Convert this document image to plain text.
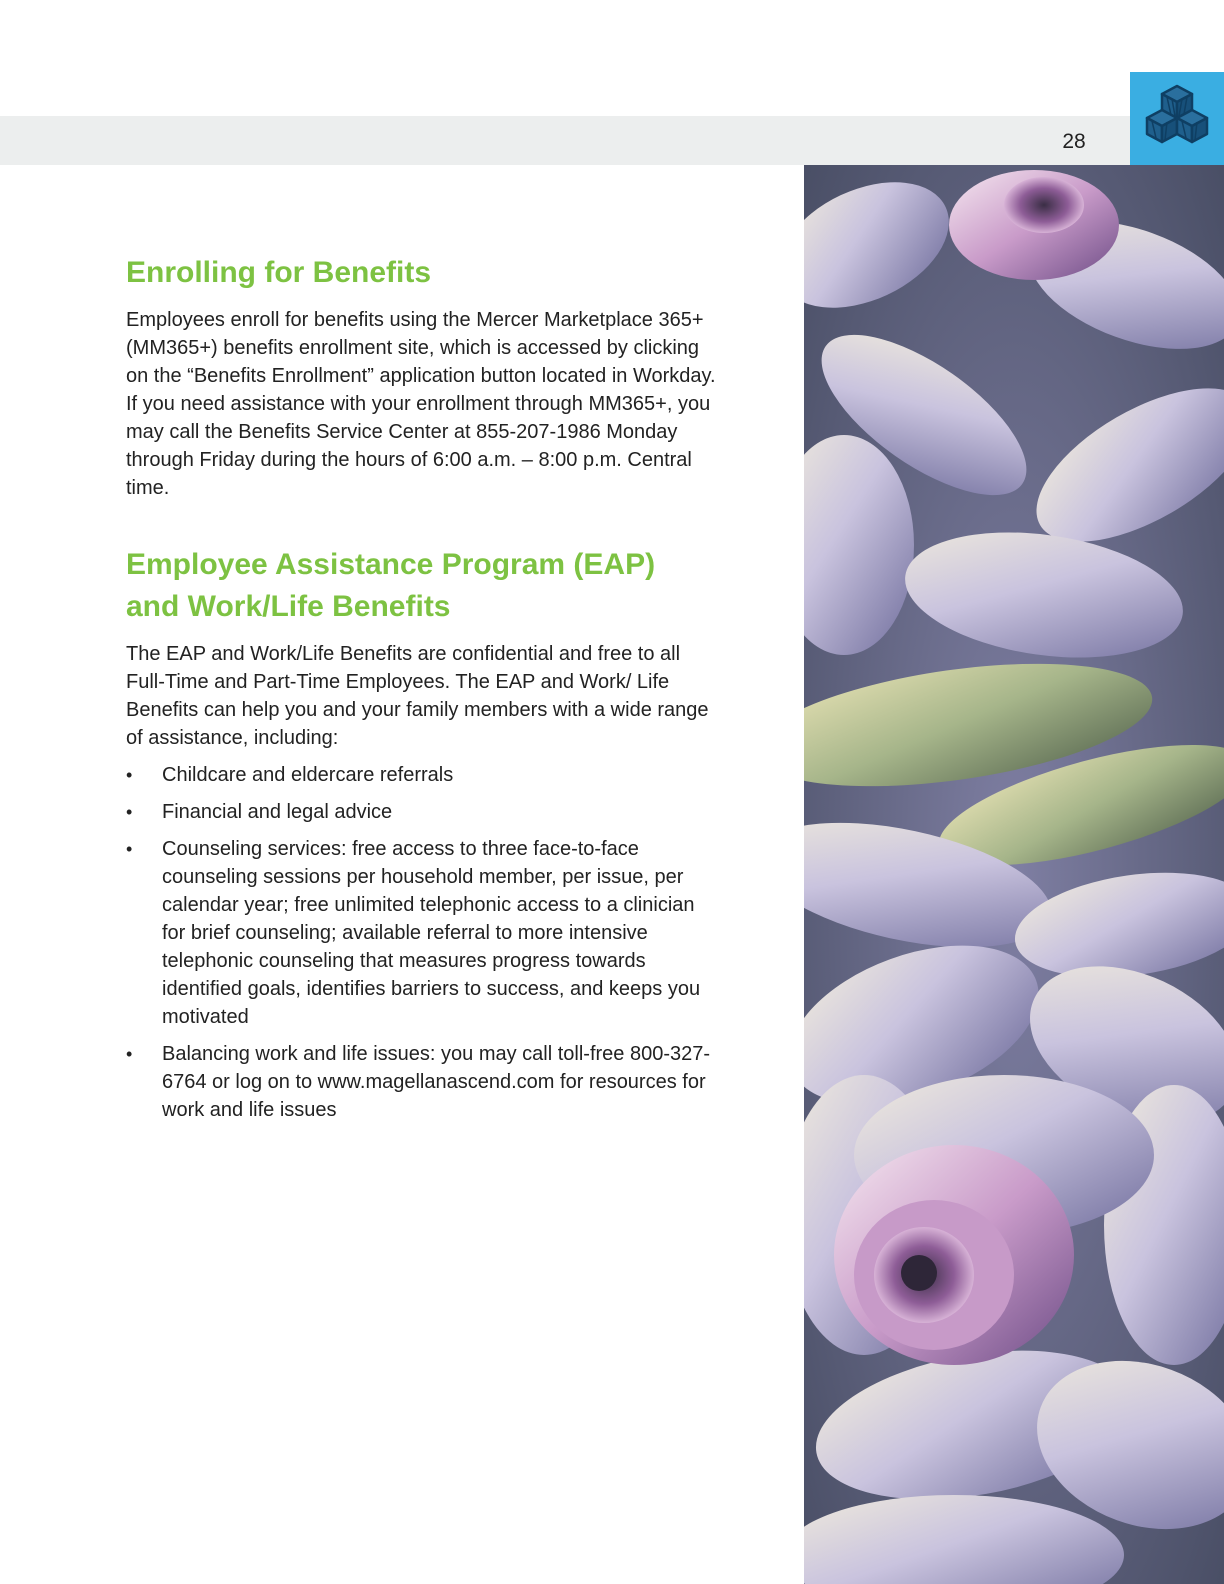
28
Enrolling for Benefits

Employees enroll for benefits using the Mercer Marketplace 365+ (MM365+) benefits enrollment site, which is accessed by clicking on the “Benefits Enrollment” application button located in Workday. If you need assistance with your enrollment through MM365+, you may call the Benefits Service Center at 855-207-1986 Monday through Friday during the hours of 6:00 a.m. – 8:00 p.m. Central time.

Employee Assistance Program (EAP) and Work/Life Benefits

The EAP and Work/Life Benefits are confidential and free to all Full-Time and Part-Time Employees. The EAP and Work/ Life Benefits can help you and your family members with a wide range of assistance, including:

•	Childcare and eldercare referrals
•	Financial and legal advice
•	Counseling services: free access to three face-to-face counseling sessions per household member, per issue, per calendar year; free unlimited telephonic access to a clinician for brief counseling; available referral to more intensive telephonic counseling that measures progress towards identified goals, identifies barriers to success, and keeps you motivated
•	Balancing work and life issues: you may call toll-free 800-327-6764 or log on to www.magellanascend.com for resources for work and life issues
